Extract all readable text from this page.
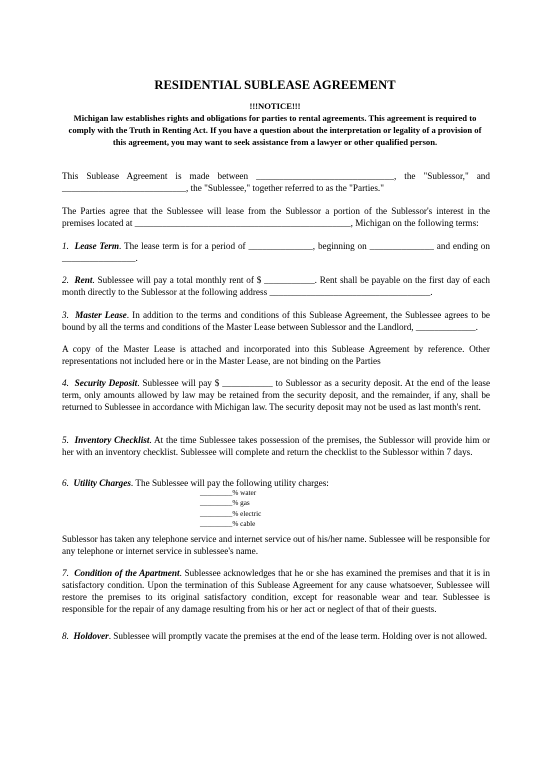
RESIDENTIAL SUBLEASE AGREEMENT
!!!NOTICE!!!
Michigan law establishes rights and obligations for parties to rental agreements. This agreement is required to comply with the Truth in Renting Act. If you have a question about the interpretation or legality of a provision of this agreement, you may want to seek assistance from a lawyer or other qualified person.

This Sublease Agreement is made between ______________________________, the "Sublessor," and ___________________________, the "Sublessee," together referred to as the "Parties."

The Parties agree that the Sublessee will lease from the Sublessor a portion of the Sublessor's interest in the premises located at _______________________________________________, Michigan on the following terms:

1. Lease Term. The lease term is for a period of ______________, beginning on ______________ and ending on ________________.

2. Rent. Sublessee will pay a total monthly rent of $ ___________. Rent shall be payable on the first day of each month directly to the Sublessor at the following address ___________________________________.

3. Master Lease. In addition to the terms and conditions of this Sublease Agreement, the Sublessee agrees to be bound by all the terms and conditions of the Master Lease between Sublessor and the Landlord, _____________.

A copy of the Master Lease is attached and incorporated into this Sublease Agreement by reference. Other representations not included here or in the Master Lease, are not binding on the Parties

4. Security Deposit. Sublessee will pay $ ___________ to Sublessor as a security deposit. At the end of the lease term, only amounts allowed by law may be retained from the security deposit, and the remainder, if any, shall be returned to Sublessee in accordance with Michigan law. The security deposit may not be used as last month's rent.

5. Inventory Checklist. At the time Sublessee takes possession of the premises, the Sublessor will provide him or her with an inventory checklist. Sublessee will complete and return the checklist to the Sublessor within 7 days.

6. Utility Charges. The Sublessee will pay the following utility charges:

_________% water
_________% gas
_________% electric
_________% cable

Sublessor has taken any telephone service and internet service out of his/her name. Sublessee will be responsible for any telephone or internet service in sublessee's name.

7. Condition of the Apartment. Sublessee acknowledges that he or she has examined the premises and that it is in satisfactory condition. Upon the termination of this Sublease Agreement for any cause whatsoever, Sublessee will restore the premises to its original satisfactory condition, except for reasonable wear and tear. Sublessee is responsible for the repair of any damage resulting from his or her act or neglect of that of their guests.

8. Holdover. Sublessee will promptly vacate the premises at the end of the lease term. Holding over is not allowed.
